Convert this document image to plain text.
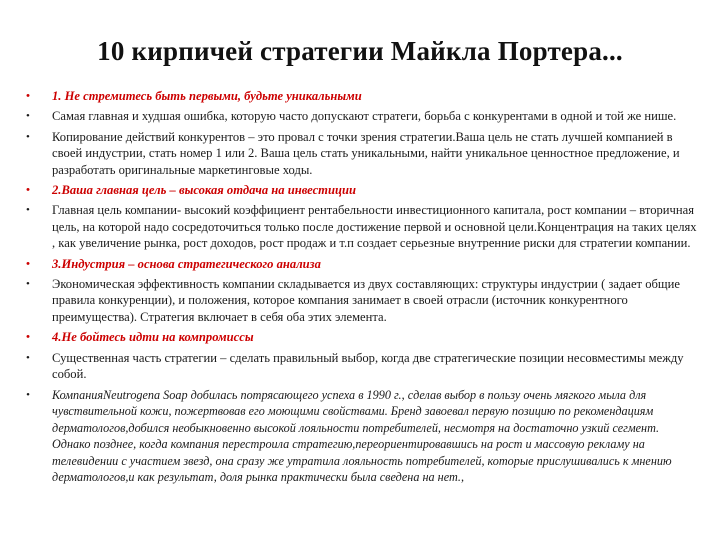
10 кирпичей стратегии Майкла Портера...
• 1. Не стремитесь быть первыми, будьте уникальными
• Самая главная и худшая ошибка, которую часто допускают стратеги, борьба с конкурентами в одной и той же нише.
• Копирование действий конкурентов – это провал с точки зрения стратегии.Ваша цель не стать лучшей компанией в своей индустрии, стать номер 1 или 2. Ваша цель стать уникальными, найти уникальное ценностное предложение, и разработать оригинальные маркетинговые ходы.
• 2.Ваша главная цель – высокая отдача на инвестиции
• Главная цель компании- высокий коэффициент рентабельности инвестиционного капитала, рост компании – вторичная цель, на которой надо сосредоточиться только после достижение первой и основной цели.Концентрация на таких целях , как увеличение рынка, рост доходов, рост продаж и т.п создает серьезные внутренние риски для стратегии компании.
• 3.Индустрия – основа стратегического анализа
• Экономическая эффективность компании складывается из двух составляющих: структуры индустрии ( задает общие правила конкуренции), и положения, которое компания занимает в своей отрасли (источник конкурентного преимущества). Стратегия включает в себя оба этих элемента.
• 4.Не бойтесь идти на компромиссы
• Существенная часть стратегии – сделать правильный выбор, когда две стратегические позиции несовместимы между собой.
• КомпанияNeutrogena Soap добилась потрясающего успеха в 1990 г., сделав выбор в пользу очень мягкого мыла для чувствительной кожи, пожертвовав его моющими свойствами. Бренд завоевал первую позицию по рекомендациям дерматологов,добился необыкновенно высокой лояльности потребителей, несмотря на достаточно узкий сегмент. Однако позднее, когда компания перестроила стратегию,переориентировавшись на рост и массовую рекламу на телевидении с участием звезд, она сразу же утратила лояльность потребителей, которые прислушивались к мнению дерматологов,и как результат, доля рынка практически была сведена на нет.,
